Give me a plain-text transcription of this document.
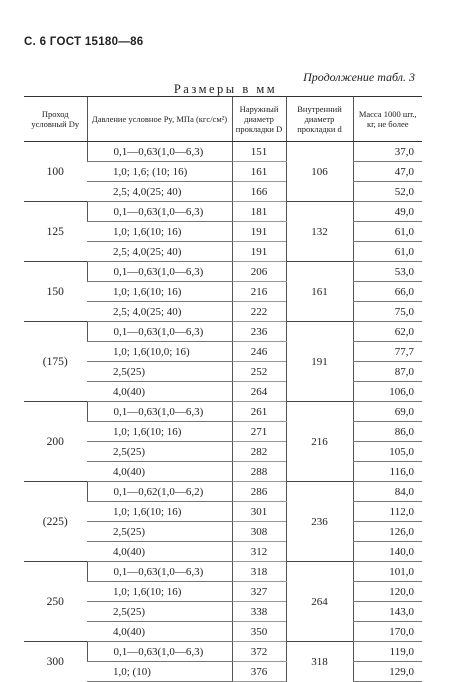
С. 6 ГОСТ 15180—86
Продолжение табл. 3
Размеры в мм
Проход условный Dy	Давление условное Py, МПа (кгс/см²)	Наружный диаметр прокладки D	Внутренний диаметр прокладки d	Масса 1000 шт., кг, не более
100	0,1—0,63(1,0—6,3)	151	106	37,0
	1,0; 1,6; (10; 16)	161		47,0
	2,5; 4,0(25; 40)	166		52,0
125	0,1—0,63(1,0—6,3)	181	132	49,0
	1,0; 1,6(10; 16)	191		61,0
	2,5; 4,0(25; 40)	191		61,0
150	0,1—0,63(1,0—6,3)	206	161	53,0
	1,0; 1,6(10; 16)	216		66,0
	2,5; 4,0(25; 40)	222		75,0
(175)	0,1—0,63(1,0—6,3)	236	191	62,0
	1,0; 1,6(10,0; 16)	246		77,7
	2,5(25)	252		87,0
	4,0(40)	264		106,0
200	0,1—0,63(1,0—6,3)	261	216	69,0
	1,0; 1,6(10; 16)	271		86,0
	2,5(25)	282		105,0
	4,0(40)	288		116,0
(225)	0,1—0,62(1,0—6,2)	286	236	84,0
	1,0; 1,6(10; 16)	301		112,0
	2,5(25)	308		126,0
	4,0(40)	312		140,0
250	0,1—0,63(1,0—6,3)	318	264	101,0
	1,0; 1,6(10; 16)	327		120,0
	2,5(25)	338		143,0
	4,0(40)	350		170,0
300	0,1—0,63(1,0—6,3)	372	318	119,0
	1,0; (10)	376		129,0
